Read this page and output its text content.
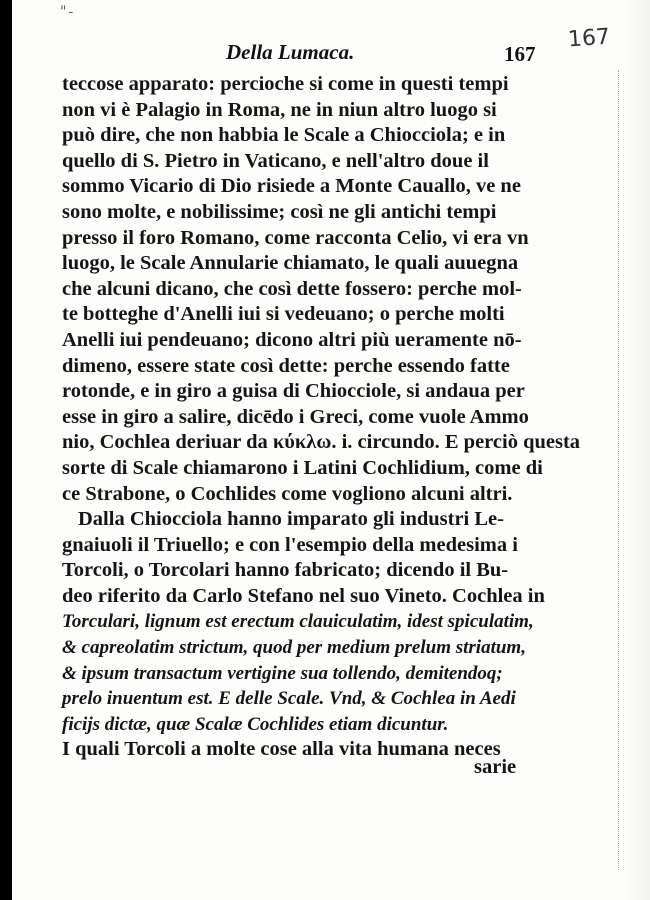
"-
Della Lumaca.	167
167
teccose apparato: percioche si come in questi tempi
non vi è Palagio in Roma, ne in niun altro luogo si
può dire, che non habbia le Scale a Chiocciola; e in
quello di S. Pietro in Vaticano, e nell'altro doue il
sommo Vicario di Dio risiede a Monte Cauallo, ve ne
sono molte, e nobilissime; così ne gli antichi tempi
presso il foro Romano, come racconta Celio, vi era vn
luogo, le Scale Annularie chiamato, le quali auuegna
che alcuni dicano, che così dette fossero: perche mol-
te botteghe d'Anelli iui si vedeuano; o perche molti
Anelli iui pendeuano; dicono altri più ueramente nō-
dimeno, essere state così dette: perche essendo fatte
rotonde, e in giro a guisa di Chiocciole, si andaua per
esse in giro a salire, dicēdo i Greci, come vuole Ammo
nio, Cochlea deriuar da κύκλω. i. circundo. E perciò questa
sorte di Scale chiamarono i Latini Cochlidium, come di
ce Strabone, o Cochlides come vogliono alcuni altri.
Dalla Chiocciola hanno imparato gli industri Le-
gnaiuoli il Triuello; e con l'esempio della medesima i
Torcoli, o Torcolari hanno fabricato; dicendo il Bu-
deo riferito da Carlo Stefano nel suo Vineto. Cochlea in
Torculari, lignum est erectum clauiculatim, idest spiculatim,
& capreolatim strictum, quod per medium prelum striatum,
& ipsum transactum vertigine sua tollendo, demitendoq;
prelo inuentum est. E delle Scale. Vnd, & Cochlea in Aedi
ficijs dictæ, quæ Scalæ Cochlides etiam dicuntur.
I quali Torcoli a molte cose alla vita humana neces
sarie
